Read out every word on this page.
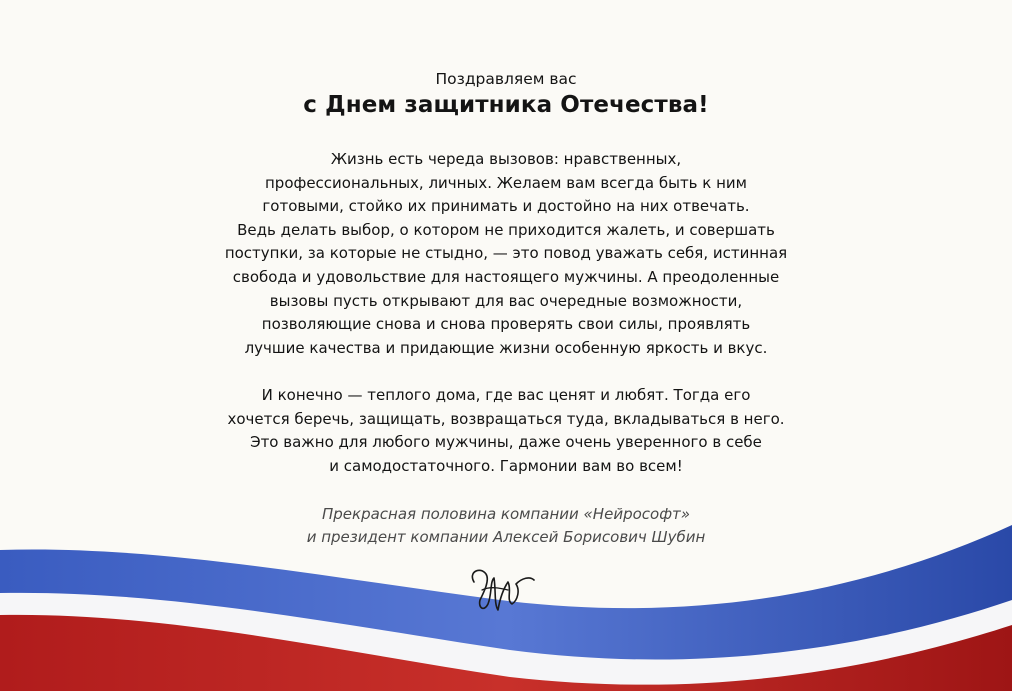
Поздравляем вас
с Днем защитника Отечества!
Жизнь есть череда вызовов: нравственных,
профессиональных, личных. Желаем вам всегда быть к ним
готовыми, стойко их принимать и достойно на них отвечать.
Ведь делать выбор, о котором не приходится жалеть, и совершать
поступки, за которые не стыдно, — это повод уважать себя, истинная
свобода и удовольствие для настоящего мужчины. А преодоленные
вызовы пусть открывают для вас очередные возможности,
позволяющие снова и снова проверять свои силы, проявлять
лучшие качества и придающие жизни особенную яркость и вкус.
И конечно — теплого дома, где вас ценят и любят. Тогда его
хочется беречь, защищать, возвращаться туда, вкладываться в него.
Это важно для любого мужчины, даже очень уверенного в себе
и самодостаточного. Гармонии вам во всем!
Прекрасная половина компании «Нейрософт»
и президент компании Алексей Борисович Шубин
